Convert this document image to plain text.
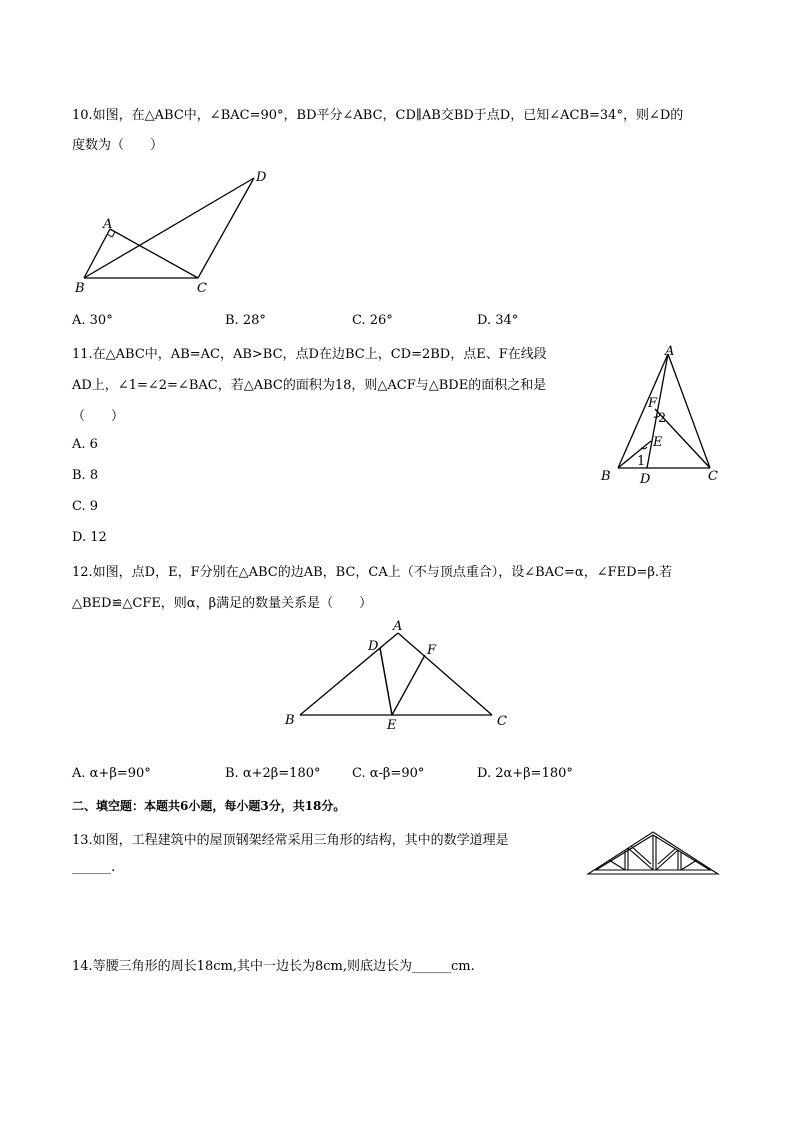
10.如图，在△ABC中，∠BAC=90°，BD平分∠ABC，CD∥AB交BD于点D，已知∠ACB=34°，则∠D的
度数为（　　）
A
B	C
D
A. 30°	B. 28°	C. 26°	D. 34°
11.在△ABC中，AB=AC，AB>BC，点D在边BC上，CD=2BD，点E、F在线段
AD上，∠1=∠2=∠BAC，若△ABC的面积为18，则△ACF与△BDE的面积之和是
（　　）
A. 6
B. 8
C. 9
D. 12
A
F
2
E
1
B D	C
12.如图，点D，E，F分别在△ABC的边AB，BC，CA上（不与顶点重合），设∠BAC=α，∠FED=β.若
△BED≌△CFE，则α，β满足的数量关系是（　　）
A
D	F
B	E	C
A. α+β=90°	B. α+2β=180° C. α-β=90°	D. 2α+β=180°
二、填空题：本题共6小题，每小题3分，共18分。
13.如图，工程建筑中的屋顶钢架经常采用三角形的结构，其中的数学道理是
______.
14.等腰三角形的周长18cm,其中一边长为8cm,则底边长为______cm.
